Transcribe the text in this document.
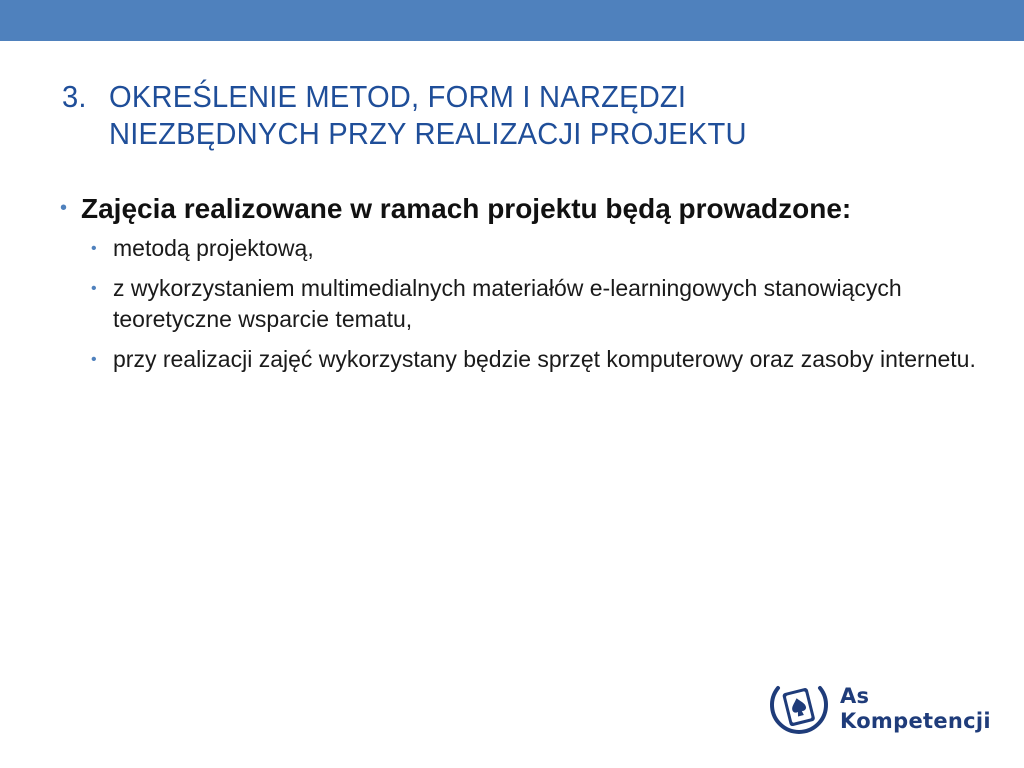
3. OKREŚLENIE METOD, FORM I NARZĘDZI
NIEZBĘDNYCH PRZY REALIZACJI PROJEKTU
• Zajęcia realizowane w ramach projektu będą prowadzone:
• metodą projektową,
• z wykorzystaniem multimedialnych materiałów e-learningowych stanowiących teoretyczne wsparcie tematu,
• przy realizacji zajęć wykorzystany będzie sprzęt komputerowy oraz zasoby internetu.
As
Kompetencji
